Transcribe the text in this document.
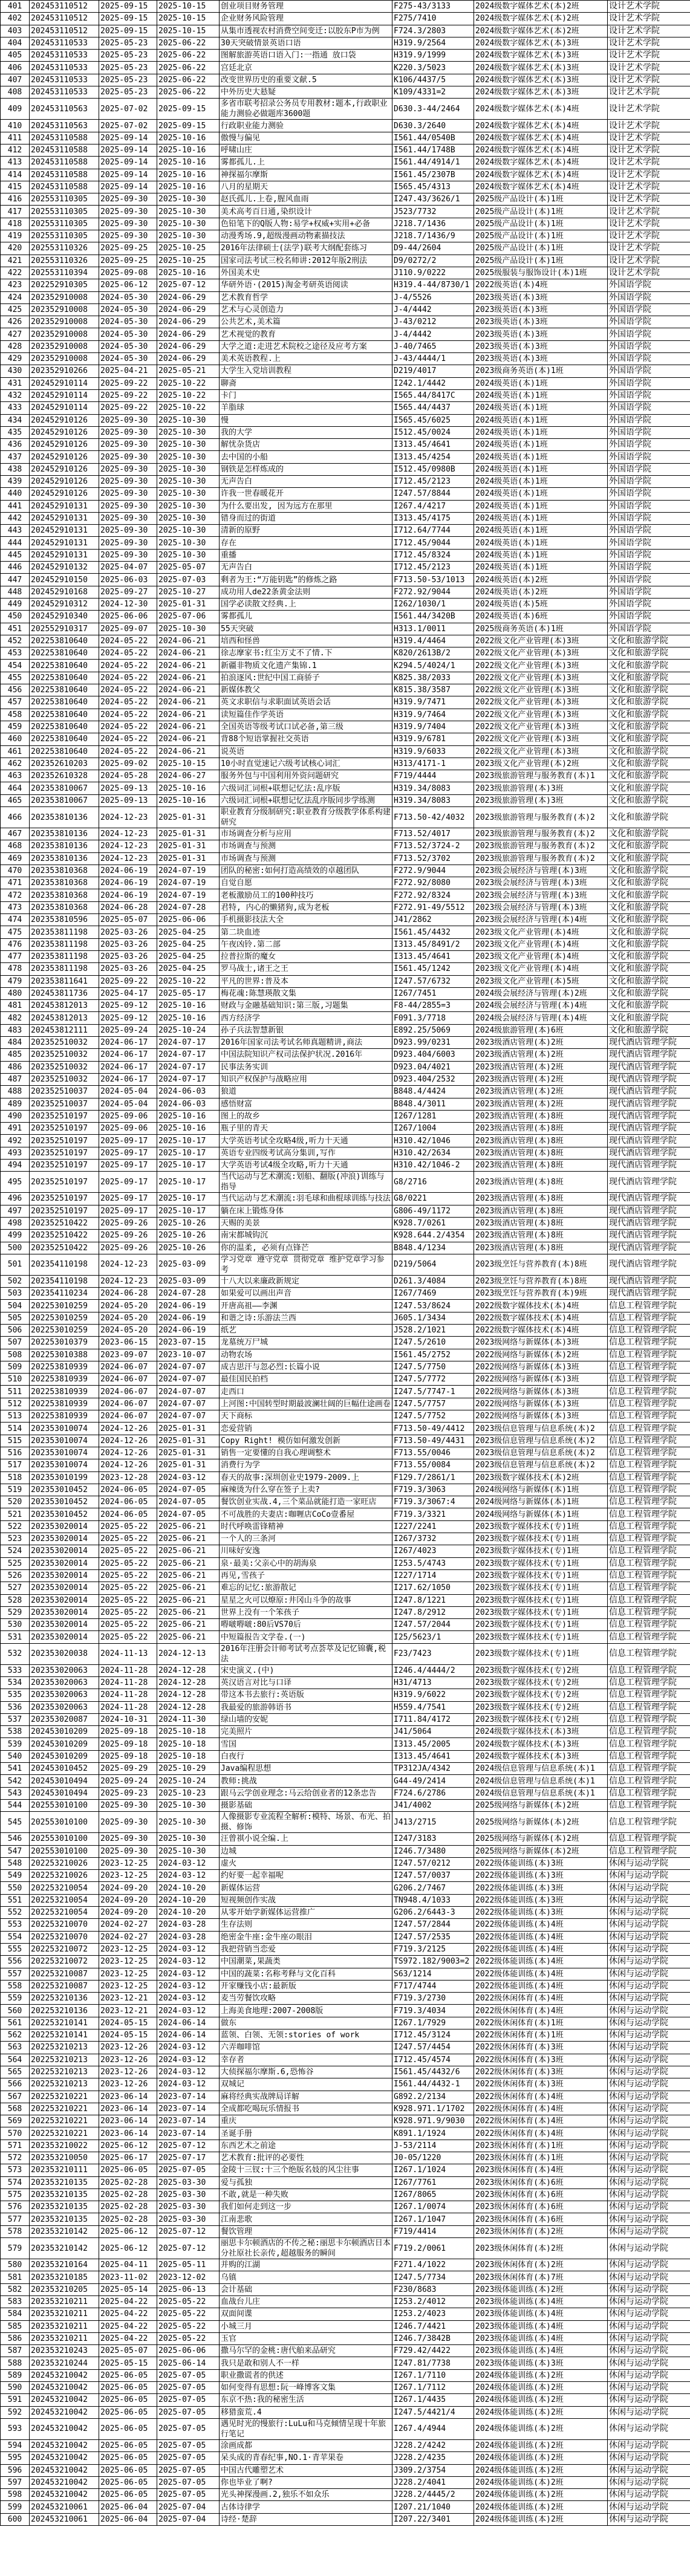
401	202453110512	2025-09-15	2025-10-15	创业项目财务管理	F275-43/3133	2024级数字媒体艺术(本)2班	设计艺术学院
402	202453110512	2025-09-15	2025-10-15	企业财务风险管理	F275/7410	2024级数字媒体艺术(本)2班	设计艺术学院
403	202453110512	2025-09-15	2025-10-15	从集市透视农村消费空间变迁:以胶东P市为例	F724.3/2803	2024级数字媒体艺术(本)2班	设计艺术学院
404	202453110533	2025-05-23	2025-06-22	30天突破情景英语口语	H319.9/2564	2024级数字媒体艺术(本)3班	设计艺术学院
405	202453110533	2025-05-23	2025-06-22	图解旅游英语口语入门:一指通 放口袋	H319.9/1999	2024级数字媒体艺术(本)3班	设计艺术学院
406	202453110533	2025-05-23	2025-06-22	宫廷北京	K220.3/5023	2024级数字媒体艺术(本)3班	设计艺术学院
407	202453110533	2025-05-23	2025-06-22	改变世界历史的重要文献.5	K106/4437/5	2024级数字媒体艺术(本)3班	设计艺术学院
408	202453110533	2025-05-23	2025-06-22	中外历史大悬疑	K109/4331=2	2024级数字媒体艺术(本)3班	设计艺术学院
409	202453110563	2025-07-02	2025-09-15	多省市联考招录公务员专用教材:题本,行政职业能力测验必做题库3600题	D630.3-44/2464	2024级数字媒体艺术(本)4班	设计艺术学院
410	202453110563	2025-07-02	2025-09-15	行政职业能力测验	D630.3/2640	2024级数字媒体艺术(本)4班	设计艺术学院
411	202453110588	2025-09-14	2025-10-16	傲慢与偏见	I561.44/0540B	2024级数字媒体艺术(本)4班	设计艺术学院
412	202453110588	2025-09-14	2025-10-16	呼啸山庄	I561.44/1748B	2024级数字媒体艺术(本)4班	设计艺术学院
413	202453110588	2025-09-14	2025-10-16	雾都孤儿.上	I561.44/4914/1	2024级数字媒体艺术(本)4班	设计艺术学院
414	202453110588	2025-09-14	2025-10-16	神探福尔摩斯	I561.45/2307B	2024级数字媒体艺术(本)4班	设计艺术学院
415	202453110588	2025-09-14	2025-10-16	八月的星期天	I565.45/4313	2024级数字媒体艺术(本)4班	设计艺术学院
416	202553110305	2025-09-30	2025-10-30	赵氏孤儿.上卷,腥风血雨	I247.43/3626/1	2025级产品设计(本)1班	设计艺术学院
417	202553110305	2025-09-30	2025-10-30	美术高考百日通,染织设计	J523/7732	2025级产品设计(本)1班	设计艺术学院
418	202553110305	2025-09-30	2025-10-30	色铅笔下的Q版人物:易学+权威+实用+必备	J218.7/1436	2025级产品设计(本)1班	设计艺术学院
419	202553110305	2025-09-30	2025-10-30	动漫秀场.9,超级漫画动物素描技法	J218.7/1436/9	2025级产品设计(本)1班	设计艺术学院
420	202553110326	2025-09-25	2025-10-25	2016年法律硕士(法学)联考大纲配套练习	D9-44/2604	2025级产品设计(本)1班	设计艺术学院
421	202553110326	2025-09-25	2025-10-25	国家司法考试三校名师讲:2012年版2刑法	D9/0272/2	2025级产品设计(本)1班	设计艺术学院
422	202553110394	2025-09-08	2025-10-16	外国美术史	J110.9/0222	2025级服装与服饰设计(本)1班	设计艺术学院
423	202252910305	2025-06-12	2025-07-12	华研外语·(2015)淘金考研英语阅读	H319.4-44/8730/1	2022级英语(本)4班	外国语学院
424	202352910008	2024-05-30	2024-06-29	艺术教育哲学	J-4/5526	2023级英语(本)3班	外国语学院
425	202352910008	2024-05-30	2024-06-29	艺术与心灵创造力	J-4/4442	2023级英语(本)3班	外国语学院
426	202352910008	2024-05-30	2024-06-29	公共艺术,美术篇	J-43/0212	2023级英语(本)3班	外国语学院
427	202352910008	2024-05-30	2024-06-29	艺术视觉的教育	J-4/4442	2023级英语(本)3班	外国语学院
428	202352910008	2024-05-30	2024-06-29	大学之道:走进艺术院校之途径及应考方案	J-40/7465	2023级英语(本)3班	外国语学院
429	202352910008	2024-05-30	2024-06-29	美术英语教程.上	J-43/4444/1	2023级英语(本)3班	外国语学院
430	202352910266	2025-04-21	2025-05-21	大学生入党培训教程	D219/4017	2023级商务英语(本)1班	外国语学院
431	202452910114	2025-09-22	2025-10-22	聊斋	I242.1/4442	2024级英语(本)1班	外国语学院
432	202452910114	2025-09-22	2025-10-22	卡门	I565.44/8417C	2024级英语(本)1班	外国语学院
433	202452910114	2025-09-22	2025-10-22	羊脂球	I565.44/4437	2024级英语(本)1班	外国语学院
434	202452910126	2025-09-30	2025-10-30	慢	I565.45/6025	2024级英语(本)1班	外国语学院
435	202452910126	2025-09-30	2025-10-30	我的大学	I512.45/0024	2024级英语(本)1班	外国语学院
436	202452910126	2025-09-30	2025-10-30	解忧杂货店	I313.45/4641	2024级英语(本)1班	外国语学院
437	202452910126	2025-09-30	2025-10-30	去中国的小船	I313.45/4254	2024级英语(本)1班	外国语学院
438	202452910126	2025-09-30	2025-10-30	钢铁是怎样炼成的	I512.45/0980B	2024级英语(本)1班	外国语学院
439	202452910126	2025-09-30	2025-10-30	无声告白	I712.45/2123	2024级英语(本)1班	外国语学院
440	202452910126	2025-09-30	2025-10-30	许我一世春暖花开	I247.57/8844	2024级英语(本)1班	外国语学院
441	202452910131	2025-09-30	2025-10-30	为什么要出发, 因为远方在那里	I267.4/4217	2024级英语(本)1班	外国语学院
442	202452910131	2025-09-30	2025-10-30	错身而过的街道	I313.45/4175	2024级英语(本)1班	外国语学院
443	202452910131	2025-09-30	2025-10-30	清新的原野	I712.64/7744	2024级英语(本)1班	外国语学院
444	202452910131	2025-09-30	2025-10-30	存在	I712.45/9044	2024级英语(本)1班	外国语学院
445	202452910131	2025-09-30	2025-10-30	重播	I712.45/8324	2024级英语(本)1班	外国语学院
446	202452910132	2025-04-07	2025-05-07	无声告白	I712.45/2123	2024级英语(本)1班	外国语学院
447	202452910150	2025-06-03	2025-07-03	剩者为王:“万能钥匙”的修炼之路	F713.50-53/1013	2024级英语(本)2班	外国语学院
448	202452910168	2025-09-27	2025-10-27	成功用人de22条黄金法则	F272.92/9044	2024级英语(本)2班	外国语学院
449	202452910312	2024-12-30	2025-01-31	国学必读散文经典.上	I262/1030/1	2024级英语(本)5班	外国语学院
450	202452910340	2025-06-06	2025-07-06	雾都孤儿	I561.44/3420B	2024级英语(本)6班	外国语学院
451	202552910317	2025-09-07	2025-10-30	55天突破	H313.1/0011	2025级商务英语(本)1班	外国语学院
452	202253810640	2024-05-22	2024-06-21	培西和怪兽	H319.4/4464	2022级文化产业管理(本)3班	文化和旅游学院
453	202253810640	2024-05-22	2024-06-21	徐志摩家书:红尘万丈不了情.下	K820/2613B/2	2022级文化产业管理(本)3班	文化和旅游学院
454	202253810640	2024-05-22	2024-06-21	新疆非物质文化遗产集锦.1	K294.5/4024/1	2022级文化产业管理(本)3班	文化和旅游学院
455	202253810640	2024-05-22	2024-06-21	拍浪逐风:世纪中国工商骄子	K825.38/2033	2022级文化产业管理(本)3班	文化和旅游学院
456	202253810640	2024-05-22	2024-06-21	新媒体教父	K815.38/3587	2022级文化产业管理(本)3班	文化和旅游学院
457	202253810640	2024-05-22	2024-06-21	英文求职信与求职面试英语会话	H319.9/7471	2022级文化产业管理(本)3班	文化和旅游学院
458	202253810640	2024-05-22	2024-06-21	读短篇佳作学英语	H319.9/7464	2022级文化产业管理(本)3班	文化和旅游学院
459	202253810640	2024-05-22	2024-06-21	全国英语等级考试口试必备,第三级	H319.9/7404	2022级文化产业管理(本)3班	文化和旅游学院
460	202253810640	2024-05-22	2024-06-21	背88个短语掌握社交英语	H319.9/6781	2022级文化产业管理(本)3班	文化和旅游学院
461	202253810640	2024-05-22	2024-06-21	说英语	H319.9/6033	2022级文化产业管理(本)3班	文化和旅游学院
462	202352610203	2025-09-02	2025-10-15	10小时直觉速记六级考试核心词汇	H313/4171-1	2023级文化产业管理(本)2班	文化和旅游学院
463	202352610328	2024-05-28	2024-06-27	服务外包与中国利用外资问题研究	F719/4444	2023级旅游管理与服务教育(本)1	文化和旅游学院
464	202353810067	2025-09-13	2025-10-16	六级词汇词根+联想记忆法:乱序版	H319.34/8083	2023级旅游管理(本)3班	文化和旅游学院
465	202353810067	2025-09-13	2025-10-16	六级词汇词根+联想记忆法乱序版同步学练测	H319.34/8083	2023级旅游管理(本)3班	文化和旅游学院
466	202353810136	2024-12-23	2025-01-31	职业教育分级制研究:职业教育分级教学体系构建研究	F713.50-42/4032	2023级旅游管理与服务教育(本)2	文化和旅游学院
467	202353810136	2024-12-23	2025-01-31	市场调查分析与应用	F713.52/4017	2023级旅游管理与服务教育(本)2	文化和旅游学院
468	202353810136	2024-12-23	2025-01-31	市场调查与预测	F713.52/3724-2	2023级旅游管理与服务教育(本)2	文化和旅游学院
469	202353810136	2024-12-23	2025-01-31	市场调查与预测	F713.52/3702	2023级旅游管理与服务教育(本)2	文化和旅游学院
470	202353810368	2024-06-19	2024-07-19	团队的秘密:如何打造高绩效的卓越团队	F272.9/9044	2023级会展经济与管理(本)3班	文化和旅游学院
471	202353810368	2024-06-19	2024-07-19	自觉自愿	F272.92/8080	2023级会展经济与管理(本)3班	文化和旅游学院
472	202353810368	2024-06-19	2024-07-19	老板激励员工的100种技巧	F272.92/8324	2023级会展经济与管理(本)3班	文化和旅游学院
473	202353810368	2024-06-28	2024-07-28	君特, 内心的懒猪狗,成为老板	F272.91-49/5512	2023级会展经济与管理(本)3班	文化和旅游学院
474	202353810596	2025-05-07	2025-06-06	手机摄影技法大全	J41/2862	2023级会展经济与管理(本)4班	文化和旅游学院
475	202353811198	2025-03-26	2025-04-25	第二块血迹	I561.45/4432	2023级文化产业管理(本)4班	文化和旅游学院
476	202353811198	2025-03-26	2025-04-25	午夜凶铃.第二部	I313.45/8491/2	2023级文化产业管理(本)4班	文化和旅游学院
477	202353811198	2025-03-26	2025-04-25	拉普拉斯的魔女	I313.45/4641	2023级文化产业管理(本)4班	文化和旅游学院
478	202353811198	2025-03-26	2025-04-25	罗马战士,诸王之王	I561.45/1242	2023级文化产业管理(本)4班	文化和旅游学院
479	202353811641	2025-09-22	2025-10-22	平凡的世界:普及本	I247.57/6732	2023级文化产业管理(本)5班	文化和旅游学院
480	202453811736	2025-04-17	2025-05-17	梅花魂:陈慧瑛散文集	I267/7451	2024级会展经济与管理(本)2班	文化和旅游学院
481	202453812013	2025-09-12	2025-10-16	财政与金融基础知识:第三版,习题集	F8-44/2855=3	2024级会展经济与管理(本)4班	文化和旅游学院
482	202453812013	2025-09-12	2025-10-16	西方经济学	F091.3/7718	2024级会展经济与管理(本)4班	文化和旅游学院
483	202453812111	2025-09-24	2025-10-24	孙子兵法智慧新银	E892.25/5069	2024级旅游管理(本)6班	文化和旅游学院
484	202352510032	2024-06-17	2024-07-17	2016年国家司法考试名师真题精讲,商法	D923.99/0231	2023级酒店管理(本)2班	现代酒店管理学院
485	202352510032	2024-06-17	2024-07-17	中国法院知识产权司法保护状况.2016年	D923.404/6003	2023级酒店管理(本)2班	现代酒店管理学院
486	202352510032	2024-06-17	2024-07-17	民事法务实训	D923.04/4021	2023级酒店管理(本)2班	现代酒店管理学院
487	202352510032	2024-06-17	2024-07-17	知识产权保护与战略应用	D923.404/2532	2023级酒店管理(本)2班	现代酒店管理学院
488	202352510037	2024-05-04	2024-06-03	狼道	B848.4/4424	2023级酒店管理(本)2班	现代酒店管理学院
489	202352510037	2024-05-04	2024-06-03	感悟财富	B848.4/3011	2023级酒店管理(本)2班	现代酒店管理学院
490	202352510197	2025-09-06	2025-10-16	图上的故乡	I267/1281	2023级酒店管理(本)8班	现代酒店管理学院
491	202352510197	2025-09-06	2025-10-16	瓶子里的青天	I267/1004	2023级酒店管理(本)8班	现代酒店管理学院
492	202352510197	2025-09-17	2025-10-17	大学英语考试全攻略4级,听力十天通	H310.42/1046	2023级酒店管理(本)8班	现代酒店管理学院
493	202352510197	2025-09-17	2025-10-17	英语专业四级考试高分集训,写作	H310.42/2634	2023级酒店管理(本)8班	现代酒店管理学院
494	202352510197	2025-09-17	2025-10-17	大学英语考试4级全攻略,听力十天通	H310.42/1046-2	2023级酒店管理(本)8班	现代酒店管理学院
495	202352510197	2025-09-17	2025-10-17	当代运动与艺术潮流:划船、翻版(冲浪)训练与指导	G8/2716	2023级酒店管理(本)8班	现代酒店管理学院
496	202352510197	2025-09-17	2025-10-17	当代运动与艺术潮流:羽毛球和曲棍球训练与技法	G8/0221	2023级酒店管理(本)8班	现代酒店管理学院
497	202352510197	2025-09-17	2025-10-17	躺在床上锻炼身体	G806-49/1172	2023级酒店管理(本)8班	现代酒店管理学院
498	202352510422	2025-09-26	2025-10-26	天赐的美景	K928.7/0261	2023级酒店管理(本)8班	现代酒店管理学院
499	202352510422	2025-09-26	2025-10-26	南宋都城钩沉	K928.644.2/4354	2023级酒店管理(本)8班	现代酒店管理学院
500	202352510422	2025-09-26	2025-10-26	你的温柔, 必须有点锋芒	B848.4/1234	2023级酒店管理(本)8班	现代酒店管理学院
501	202354110198	2024-12-23	2025-03-09	学习党章 遵守党章 贯彻党章 维护党章学习参考	D219/5064	2023级烹饪与营养教育(本)8班	现代酒店管理学院
502	202354110198	2024-12-23	2025-03-09	十八大以来廉政新规定	D261.3/4084	2023级烹饪与营养教育(本)8班	现代酒店管理学院
503	202354110234	2024-06-28	2024-07-28	如果爱可以画出声音	I267/7469	2023级烹饪与营养教育(本)9班	现代酒店管理学院
504	202253010259	2024-05-20	2024-06-19	开唐高祖——李渊	I247.53/8624	2022级数字媒体技术(本)4班	信息工程管理学院
505	202253010259	2024-05-20	2024-06-19	和谐之诗:乐游法兰西	J605.1/3434	2022级数字媒体技术(本)4班	信息工程管理学院
506	202253010259	2024-05-20	2024-06-19	纸艺	J528.2/1021	2022级数字媒体技术(本)4班	信息工程管理学院
507	202253010379	2023-06-15	2023-07-15	龙墓统万尸城	I247.5/2610	2023级网络与新媒体(本)3班	信息工程管理学院
508	202253010388	2023-09-07	2023-10-07	动物农场	I561.45/2752	2022级网络与新媒体(本)2班	信息工程管理学院
509	202253810939	2024-06-07	2024-07-07	成吉思汗与忽必烈:长篇小说	I247.5/7750	2022级网络与新媒体(本)3班	信息工程管理学院
510	202253810939	2024-06-07	2024-07-07	最佳国民拍档	I247.5/7772	2022级网络与新媒体(本)3班	信息工程管理学院
511	202253810939	2024-06-07	2024-07-07	走西口	I247.5/7747-1	2022级网络与新媒体(本)3班	信息工程管理学院
512	202253810939	2024-06-07	2024-07-07	上河图:中国转型时期最波澜壮阔的巨幅仕途画卷	I247.5/7757	2022级网络与新媒体(本)3班	信息工程管理学院
513	202253810939	2024-06-07	2024-07-07	天下商标	I247.5/7752	2022级网络与新媒体(本)3班	信息工程管理学院
514	202353010074	2024-12-26	2025-01-31	恋爱营销	F713.50-49/4412	2023级信息管理与信息系统(本)2	信息工程管理学院
515	202353010074	2024-12-26	2025-01-31	Copy Right! 模仿如何激发创新	F713.50-49/4431	2023级信息管理与信息系统(本)2	信息工程管理学院
516	202353010074	2024-12-26	2025-01-31	销售一定要懂的自我心理调整术	F713.55/0046	2023级信息管理与信息系统(本)2	信息工程管理学院
517	202353010074	2024-12-26	2025-01-31	消费行为学	F713.55/0084	2023级信息管理与信息系统(本)2	信息工程管理学院
518	202353010199	2023-12-28	2024-03-12	春天的故事:深圳创业史1979-2009.上	F129.7/2861/1	2023级数字媒体技术(本)2班	信息工程管理学院
519	202353010452	2024-06-05	2024-07-05	麻辣烫为什么穿在签子上卖?	F719.3/3063	2024级网络与新媒体(本)1班	信息工程管理学院
520	202353010452	2024-06-05	2024-07-05	餐饮创业实战.4,三个菜品就能打造一家旺店	F719.3/3067:4	2024级网络与新媒体(本)1班	信息工程管理学院
521	202353010452	2024-06-05	2024-07-05	不可战胜的夫妻店:咖喱店CoCo壹番屋	F719.3/3321	2024级网络与新媒体(本)1班	信息工程管理学院
522	202353020014	2025-05-22	2025-06-21	时代呼唤雷锋精神	I227/2241	2023级数字媒体技术(专)1班	信息工程管理学院
523	202353020014	2025-05-22	2025-06-21	一个人的三条河	I267/3732	2023级数字媒体技术(专)1班	信息工程管理学院
524	202353020014	2025-05-22	2025-06-21	川味好安逸	I267/4023	2023级数字媒体技术(专)1班	信息工程管理学院
525	202353020014	2025-05-22	2025-06-21	泉·最美:父亲心中的胡海泉	I253.5/4743	2023级数字媒体技术(专)1班	信息工程管理学院
526	202353020014	2025-05-22	2025-06-21	再见,雪孩子	I227/1714	2023级数字媒体技术(专)1班	信息工程管理学院
527	202353020014	2025-05-22	2025-06-21	难忘的记忆:旅游散记	I217.62/1050	2023级数字媒体技术(专)1班	信息工程管理学院
528	202353020014	2025-05-22	2025-06-21	星星之火可以燎原:井冈山斗争的故事	I247.8/1221	2023级数字媒体技术(专)1班	信息工程管理学院
529	202353020014	2025-05-22	2025-06-21	世界上没有一个笨孩子	I247.8/2912	2023级数字媒体技术(专)1班	信息工程管理学院
530	202353020014	2025-05-22	2025-06-21	嘚啵嘚啵:80后VS70后	I247.57/2044	2023级数字媒体技术(专)1班	信息工程管理学院
531	202353020014	2025-05-22	2025-06-21	中短篇报告文学卷.(一)	I25/5623/1	2023级数字媒体技术(专)1班	信息工程管理学院
532	202353020038	2024-11-13	2024-12-13	2016年注册会计师考试考点荟萃及记忆锦囊,税法	F23/7423	2023级数字媒体技术(专)1班	信息工程管理学院
533	202353020063	2024-11-28	2024-12-28	宋史演义.(中)	I246.4/4444/2	2023级数字媒体技术(专)2班	信息工程管理学院
534	202353020063	2024-11-28	2024-12-28	英汉语言对比与口译	H31/4713	2023级数字媒体技术(专)2班	信息工程管理学院
535	202353020063	2024-11-28	2024-12-28	带这本书去旅行:英语版	H319.9/6022	2023级数字媒体技术(专)2班	信息工程管理学院
536	202353020063	2024-11-28	2024-12-28	我最爱的旅游韩语书	H559.4/7541	2023级数字媒体技术(专)2班	信息工程管理学院
537	202353020087	2024-10-31	2024-11-30	绿山墙的安妮	I711.84/4172	2023级数字媒体技术(专)2班	信息工程管理学院
538	202453010209	2025-09-18	2025-10-18	完美照片	J41/5064	2024级数字媒体技术(本)3班	信息工程管理学院
539	202453010209	2025-09-18	2025-10-18	雪国	I313.45/2005	2024级数字媒体技术(本)3班	信息工程管理学院
540	202453010209	2025-09-18	2025-10-18	白夜行	I313.45/4641	2024级数字媒体技术(本)3班	信息工程管理学院
541	202453010452	2025-09-29	2025-10-29	Java编程思想	TP312JA/4342	2024级信息管理与信息系统(本)1	信息工程管理学院
542	202453010494	2025-09-24	2025-10-24	教师:挑战	G44-49/2414	2024级信息管理与信息系统(本)1	信息工程管理学院
543	202453010494	2025-09-23	2025-10-23	跟马云学创业理念:马云给创业者的12条忠告	F724.6/2786	2024级信息管理与信息系统(本)1	信息工程管理学院
544	202553010100	2025-09-30	2025-10-30	摄影基础	J41/4002	2025级网络与新媒体(本)2班	信息工程管理学院
545	202553010100	2025-09-30	2025-10-30	人像摄影专业流程全解析:模特、场景、布光、拍摄、修饰	J413/2715	2025级网络与新媒体(本)2班	信息工程管理学院
546	202553010100	2025-09-30	2025-10-30	汪曾祺小说全编.上	I247/3183	2025级网络与新媒体(本)2班	信息工程管理学院
547	202553010100	2025-09-30	2025-10-30	边城	I246.7/3480	2025级网络与新媒体(本)2班	信息工程管理学院
548	202253210026	2023-12-25	2024-03-12	虚火	I247.57/0212	2022级体能训练(本)3班	休闲与运动学院
549	202253210026	2023-12-25	2024-03-12	约好要一起幸福呢	I247.57/0037	2022级体能训练(本)3班	休闲与运动学院
550	202253210054	2024-09-20	2024-10-20	新媒体运营	G206.2/7467	2022级体能训练(本)3班	休闲与运动学院
551	202253210054	2024-09-20	2024-10-20	短视频创作实战	TN948.4/1033	2022级体能训练(本)3班	休闲与运动学院
552	202253210054	2024-09-20	2024-10-20	从零开始学新媒体运营推广	G206.2/6443-3	2022级体能训练(本)3班	休闲与运动学院
553	202253210070	2024-02-27	2024-03-28	生存法则	I247.57/2844	2022级体能训练(本)4班	休闲与运动学院
554	202253210070	2024-02-27	2024-03-28	绝密金牛座:金牛座の眼泪	I247.57/2535	2022级体能训练(本)4班	休闲与运动学院
555	202253210072	2023-12-25	2024-03-12	我把营销当恋爱	F719.3/2125	2022级体能训练(本)4班	休闲与运动学院
556	202253210072	2023-12-25	2024-03-12	中国潮菜,果蔬类	TS972.182/9003=2	2022级体能训练(本)4班	休闲与运动学院
557	202253210087	2023-12-25	2024-03-12	中国的蔬菜:名称考释与文化百科	S63/1214	2022级体能训练(本)4班	休闲与运动学院
558	202253210087	2023-12-25	2024-03-12	开家赚钱小店:最新版	F717/4744	2022级体能训练(本)4班	休闲与运动学院
559	202253210136	2023-12-21	2024-03-12	麦当劳餐饮攻略	F719.3/2730	2022级休闲体育(本)4班	休闲与运动学院
560	202253210136	2023-12-21	2024-03-12	上海美食地理:2007-2008版	F719.3/4034	2022级休闲体育(本)4班	休闲与运动学院
561	202253210141	2024-05-15	2024-06-14	做东	I267.1/7929	2022级休闲体育(本)1班	休闲与运动学院
562	202253210141	2024-05-15	2024-06-14	蓝领、白领、无领:stories of work	I712.45/3124	2022级休闲体育(本)1班	休闲与运动学院
563	202253210213	2023-12-26	2024-03-12	六弄咖啡馆	I247.57/4454	2022级休闲体育(本)3班	休闲与运动学院
564	202253210213	2023-12-26	2024-03-12	幸存者	I712.45/4574	2022级休闲体育(本)3班	休闲与运动学院
565	202253210213	2023-12-26	2024-03-12	大侦探福尔摩斯.6,恐怖谷	I561.45/4432/6	2022级休闲体育(本)3班	休闲与运动学院
566	202253210213	2023-12-26	2024-03-12	双城记	I561.44/4432-1	2022级休闲体育(本)3班	休闲与运动学院
567	202253210221	2023-06-14	2023-07-14	麻将经典实战牌局详解	G892.2/2134	2022级休闲体育(本)4班	休闲与运动学院
568	202253210221	2023-06-14	2023-07-14	全成都吃喝玩乐情报书	K928.971.1/1702	2022级休闲体育(本)4班	休闲与运动学院
569	202253210221	2023-06-14	2023-07-14	重庆	K928.971.9/9030	2022级休闲体育(本)4班	休闲与运动学院
570	202253210221	2023-06-14	2023-07-14	圣诞手册	K891.1/1924	2022级休闲体育(本)4班	休闲与运动学院
571	202353210022	2025-06-12	2025-07-12	东西艺术之前途	J-53/2114	2023级休闲体育(本)1班	休闲与运动学院
572	202353210050	2025-06-17	2025-07-17	艺术教育:批评的必要性	J0-05/1220	2023级休闲体育(本)1班	休闲与运动学院
573	202353210111	2025-06-05	2025-07-05	金陵十三钗:十三个绝版名妓的风尘往事	I267.1/1024	2023级休闲体育(本)4班	休闲与运动学院
574	202353210135	2025-02-28	2025-03-30	爱与孤独	I267/7761	2023级休闲体育(本)6班	休闲与运动学院
575	202353210135	2025-02-28	2025-03-30	不敢,就是一种失败	I267/8065	2023级休闲体育(本)6班	休闲与运动学院
576	202353210135	2025-02-28	2025-03-30	我们如何走到这一步	I267.1/0074	2023级休闲体育(本)6班	休闲与运动学院
577	202353210135	2025-02-28	2025-03-30	江南悲歌	I267.1/1047	2023级休闲体育(本)6班	休闲与运动学院
578	202353210142	2025-06-12	2025-07-12	餐饮管理	F719/4414	2023级休闲体育(本)2班	休闲与运动学院
579	202353210142	2025-06-12	2025-07-12	丽思卡尔顿酒店的不传之秘:丽思卡尔顿酒店日本分社原社长亲传,超越服务的瞬间	F719.2/0061	2023级休闲体育(本)2班	休闲与运动学院
580	202353210164	2025-04-11	2025-05-11	并购的江湖	F271.4/1022	2023级休闲体育(本)2班	休闲与运动学院
581	202353210185	2023-11-02	2023-12-02	乌镇	I247.5/7734	2023级休闲体育(本)7班	休闲与运动学院
582	202353210205	2025-05-14	2025-06-13	会计基础	F230/8683	2023级体能训练(本)2班	休闲与运动学院
583	202353210211	2025-04-22	2025-05-22	血战台儿庄	I253.2/4012	2023级体能训练(本)4班	休闲与运动学院
584	202353210211	2025-04-22	2025-05-22	双面间谍	I253.2/4023	2023级体能训练(本)4班	休闲与运动学院
585	202353210211	2025-04-22	2025-05-22	小城三月	I246.7/4421	2023级体能训练(本)4班	休闲与运动学院
586	202353210211	2025-04-22	2025-05-22	玉官	I246.7/3842B	2023级体能训练(本)4班	休闲与运动学院
587	202353210243	2025-05-07	2025-06-06	撒马尔罕的金桃:唐代舶来品研究	F729.42/4422	2023级体能训练(本)4班	休闲与运动学院
588	202353210244	2025-05-15	2025-06-14	我只是敢和别人不一样	I247.81/7738	2023级体能训练(本)3班	休闲与运动学院
589	202453210042	2025-06-05	2025-07-05	职业撒谎者的供述	I267.1/7110	2024级体能训练(本)2班	休闲与运动学院
590	202453210042	2025-06-05	2025-07-05	如何变得有思想:阮一峰博客文集	I267.1/7112	2024级体能训练(本)2班	休闲与运动学院
591	202453210042	2025-06-05	2025-07-05	东京不热:我的秘密生活	I267.1/4435	2024级体能训练(本)2班	休闲与运动学院
592	202453210042	2025-06-05	2025-07-05	移猎蛮荒.4	I247.5/4421/4	2024级体能训练(本)2班	休闲与运动学院
593	202453210042	2025-06-05	2025-07-05	遇见时光的慢旅行:LuLu和马克倾情呈现十年旅行笔记	I267.4/4944	2024级体能训练(本)2班	休闲与运动学院
594	202453210042	2025-06-05	2025-07-05	涂画成都	J228.2/4242	2024级体能训练(本)2班	休闲与运动学院
595	202453210042	2025-06-05	2025-07-05	呆头成的青春纪事,NO.1·青苹果卷	J228.2/4235	2024级体能训练(本)2班	休闲与运动学院
596	202453210042	2025-06-05	2025-07-05	中国古代雕塑艺术	J309.2/3754	2024级体能训练(本)2班	休闲与运动学院
597	202453210042	2025-06-05	2025-07-05	你也毕业了啊?	J228.2/4041	2024级体能训练(本)2班	休闲与运动学院
598	202453210042	2025-06-05	2025-07-05	光头神探漫画.2,独乐不如众乐	J228.2/4445/2	2024级体能训练(本)2班	休闲与运动学院
599	202453210061	2025-06-04	2025-07-04	古体诗律学	I207.21/1040	2024级体能训练(本)2班	休闲与运动学院
600	202453210061	2025-06-04	2025-07-04	诗经·楚辞	I207.22/3401	2024级体能训练(本)2班	休闲与运动学院
